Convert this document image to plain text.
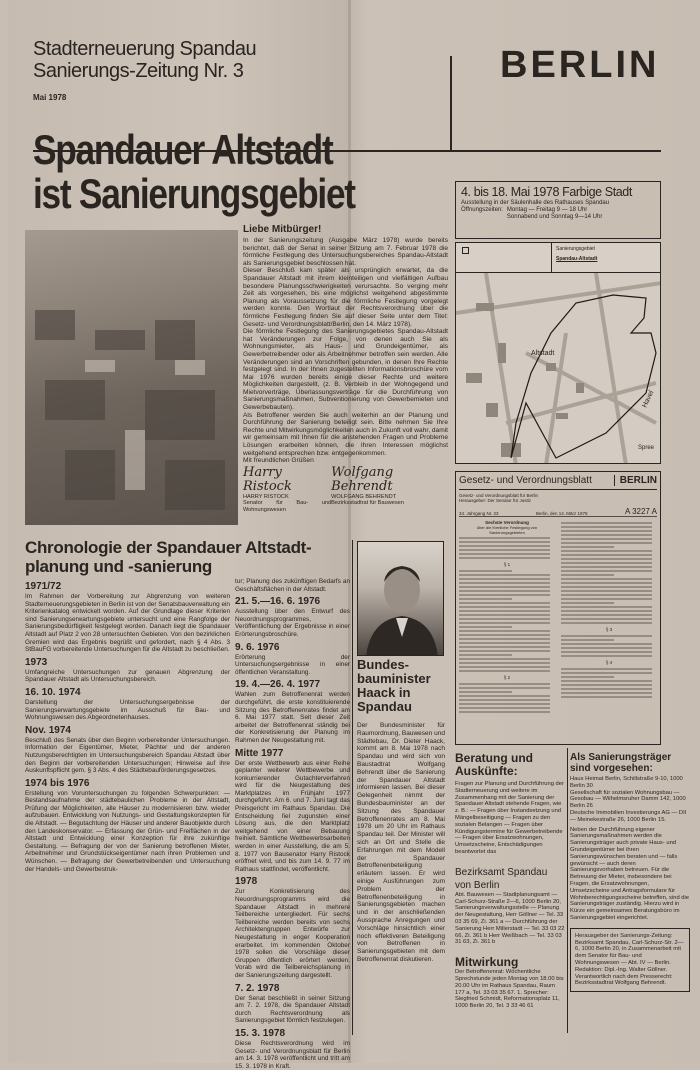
Stadterneuerung Spandau
Sanierungs-Zeitung Nr. 3
Mai 1978
BERLIN
Spandauer Altstadt
ist Sanierungsgebiet	4. bis 18. Mai 1978 Farbige Stadt
Ausstellung in der Säulenhalle des Rathauses Spandau
Öffnungszeiten: Montag — Freitag 9 — 18 Uhr
Sonnabend und Sonntag 9—14 Uhr
Sanierungsgebiet
Spandau-Altstadt
Altstadt
Havel
Spree
Liebe Mitbürger!

In der Sanierungszeitung (Ausgabe März 1978) wurde bereits berichtet, daß der Senat in seiner Sitzung am 7. Februar 1978 die förmliche Festlegung des Untersuchungsbereiches Spandau-Altstadt als Sanierungsgebiet beschlossen hat.

Dieser Beschluß kam später als ursprünglich erwartet, da die Spandauer Altstadt mit ihrem kleinteiligen und vielfältigen Aufbau besondere Planungsschwierigkeiten verursachte. So verging mehr Zeit als vorgesehen, bis eine möglichst weitgehend abgestimmte Planung als Voraussetzung für die förmliche Festlegung vorgelegt werden konnte. Den Wortlaut der Rechtsverordnung über die förmliche Festlegung finden Sie auf dieser Seite unter dem Titel: Gesetz- und Verordnungsblatt/Berlin, den 14. März 1978).

Die förmliche Festlegung des Sanierungsgebietes Spandau-Altstadt hat Veränderungen zur Folge, von denen auch Sie als Wohnungsmieter, als Haus- und Grundeigentümer, als Gewerbetreibender oder als Arbeitnehmer betroffen sein werden. Alle Veränderungen sind an Vorschriften gebunden, in denen Ihre Rechte festgelegt sind. In der Ihnen zugestellten Informationsbroschüre vom Mai 1976 wurden bereits einige dieser Rechte und weitere Möglichkeiten dargestellt, (z. B. Verbleib in der Wohngegend und Mietvorverträge, Überlassungsverträge für die Durchführung von Sanierungsmaßnahmen, Subventionierung von Gewerbemieten und Gewerbebauten).

Als Betroffener werden Sie auch weiterhin an der Planung und Durchführung der Sanierung beteiligt sein. Bitte nehmen Sie Ihre Rechte und Mitwirkungsmöglichkeiten auch in Zukunft voll wahr, damit wir gemeinsam mit Ihnen für die anstehenden Fragen und Probleme Lösungen erarbeiten können, die Ihren Interessen möglichst weitgehend entsprechen bzw. entgegenkommen.

Mit freundlichen Grüßen

Harry Ristock
HARRY RISTOCK
Senator für Bau- und Wohnungswesen
Wolfgang Behrendt
WOLFGANG BEHRENDT
Bezirksstadtrat für Bauwesen
Chronologie der Spandauer Altstadt-
planung und -sanierung
1971/72

Im Rahmen der Vorbereitung zur Abgrenzung von weiteren Stadterneuerungsgebieten in Berlin ist von der Senatsbauverwaltung ein Kriterienkatalog entwickelt worden. Auf der Grundlage dieser Kriterien sind Sanierungserwartungsgebiete untersucht und eine Rangfolge der Sanierungsbedürftigkeit festgelegt worden. Danach liegt die Spandauer Altstadt auf Platz 2 von 28 untersuchten Gebieten. Von den bezirklichen Gremien wird das Ergebnis begrüßt und gefordert, nach § 4 Abs. 3 StBauFG vorbereitende Untersuchungen für die Altstadt zu beschließen.

1973

Umfangreiche Untersuchungen zur genauen Abgrenzung der Spandauer Altstadt als Untersuchungsbereich.

16. 10. 1974

Darstellung der Untersuchungsergebnisse der Sanierungserwartungsgebiete im Ausschuß für Bau- und Wohnungswesen des Abgeordnetenhauses.

Nov. 1974

Beschluß des Senats über den Beginn vorbereitender Untersuchungen. Information der Eigentümer, Mieter, Pächter und der anderen Nutzungsberechtigten im Untersuchungsbereich Spandau Altstadt über den Beginn der vorbereitenden Untersuchungen; Hinweise auf ihre Auskunftspflicht gem. § 3 Abs. 4 des Städtebauförderungsgesetzes.

1974 bis 1976

Erstellung von Voruntersuchungen zu folgenden Schwerpunkten: — Bestandsaufnahme der städtebaulichen Probleme in der Altstadt, Prüfung der Möglichkeiten, alle Häuser zu modernisieren bzw. wieder aufzubauen. Entwicklung von Nutzungs- und Gestaltungskonzepten für die Altstadt. — Begutachtung der Häuser und anderer Bauobjekte durch den Landeskonservator. — Erfassung der Grün- und Freiflächen in der Altstadt und Entwicklung einer Konzeption für ihre zukünftige Gestaltung. — Befragung der von der Sanierung betroffenen Mieter, Arbeitnehmer und Grundstückseigentümer nach ihren Problemen und Wünschen. — Befragung der Gewerbetreibenden und Untersuchung der Handels- und Gewerbestruk-

tur; Planung des zukünftigen Bedarfs an Geschäftsflächen in der Altstadt.

21. 5.—16. 6. 1976

Ausstellung über den Entwurf des Neuordnungsprogrammes, Veröffentlichung der Ergebnisse in einer Erörterungsbroschüre.

9. 6. 1976

Erörterung der Untersuchungsergebnisse in einer öffentlichen Veranstaltung.

19. 4.—26. 4. 1977

Wahlen zum Betroffenenrat werden durchgeführt, die erste konstituierende Sitzung des Betroffenenrates findet am 6. Mai 1977 statt. Seit dieser Zeit arbeitet der Betroffenenrat ständig bei der Konkretisierung der Planung im Rahmen der Neugestaltung mit.

Mitte 1977

Der erste Wettbewerb aus einer Reihe geplanter weiterer Wettbewerbe und konkurrierender Gutachterverfahren wird für die Neugestaltung des Marktplatzes im Frühjahr 1977 durchgeführt. Am 6. und 7. Juni tagt das Preisgericht im Rathaus Spandau. Die Entscheidung fiel zugunsten einer Lösung aus, die den Marktplatz weitgehend von einer Bebauung freihielt. Sämtliche Wettbewerbsarbeiten werden in einer Ausstellung, die am 5. 8. 1977 von Bausenator Harry Ristock eröffnet wird, und bis zum 14. 9. 77 im Rathaus stattfindet, veröffentlicht.

1978

Zur Konkretisierung des Neuordnungsprogramms wird die Spandauer Altstadt in mehrere Teilbereiche untergliedert. Für sechs Teilbereiche werden bereits von sechs Architektengruppen Entwürfe zur Neugestaltung in enger Kooperation erarbeitet. Im kommenden Oktober 1978 sollen die Vorschläge dieser Gruppen öffentlich erörtert werden. Vorab wird die Teilbereichsplanung in der Sanierungszeitung dargestellt.

7. 2. 1978

Der Senat beschließt in seiner Sitzung am 7. 2. 1978, die Spandauer Altstadt durch Rechtsverordnung als Sanierungsgebiet förmlich festzulegen.

15. 3. 1978

Diese Rechtsverordnung wird im Gesetz- und Verordnungsblatt für Berlin am 14. 3. 1978 veröffentlicht und tritt am 15. 3. 1978 in Kraft.

Bundes-bauminister Haack in Spandau
Der Bundesminister für Raumordnung, Bauwesen und Städtebau, Dr. Dieter Haack, kommt am 8. Mai 1978 nach Spandau und wird sich von Baustadtrat Wolfgang Behrendt über die Sanierung der Spandauer Altstadt informieren lassen. Bei dieser Gelegenheit nimmt der Bundesbauminister an der Sitzung des Spandauer Betroffenenrates am 8. Mai 1978 um 20 Uhr im Rathaus Spandau teil. Der Minister will sich an Ort und Stelle die Erfahrungen mit dem Modell der Spandauer Betroffenenbeteiligung erläutern lassen. Er wird einige Ausführungen zum Problem der Betroffenenbeteiligung in Sanierungsgebieten machen und in der anschließenden Aussprache Anregungen und Vorschläge hinsichtlich einer noch effektiveren Beteiligung von Betroffenen in Sanierungsgebieten mit dem Betroffenenrat diskutieren.
Gesetz- und Verordnungsblatt	BERLIN
Gesetz- und Verordnungsblatt für Berlin
Herausgeber: Der Senator für Justiz
34. Jahrgang Nr. 23	Berlin, den 14. März 1978	A 3227 A
Sechste Verordnung
über die förmliche Festlegung von Sanierungsgebieten
§ 1
§ 2
§ 3
§ 4
Beratung und Auskünfte:

Fragen zur Planung und Durchführung der Stadterneuerung und weitere im Zusammenhang mit der Sanierung der Spandauer Altstadt stehende Fragen, wie z. B.: — Fragen über Instandsetzung und Mängelbeseitigung — Fragen zu den sozialen Belangen — Fragen über Kündigungstermine für Gewerbetreibende — Fragen über Ersatzwohnungen, Umsetzscheine, Entschädigungen beantwortet das

Bezirksamt Spandau von Berlin

Abt. Bauwesen — Stadtplanungsamt — Carl-Schurz-Straße 2—6, 1000 Berlin 20, Sanierungsverwaltungsstelle — Planung der Neugestaltung, Herr Göllner — Tel. 33 03 35 69, Zi. 361 a — Durchführung der Sanierung Herr Millerstadt — Tel. 33 03 22 66, Zi. 361 b Herr Weißbach — Tel. 33 03 31 63, Zi. 361 b

Mitwirkung

Der Betroffenenrat: Wöchentliche Sprechstunde jeden Montag von 18.00 bis 20.00 Uhr im Rathaus Spandau, Raum 177 a, Tel. 33 03 35 67. 1. Sprecher: Siegfried Schmidt, Reformationsplatz 11, 1000 Berlin 20, Tel. 3 33 46 61

Als Sanierungsträger sind vorgesehen:

Haus Heimat Berlin, Schillstraße 9-10, 1000 Berlin 30

Gesellschaft für sozialen Wohnungsbau — Gesobau — Wilhelmsruher Damm 142, 1000 Berlin 26

Deutsche Immobilien Investierungs AG — DII — Meinekestraße 26, 1000 Berlin 15.

Neben der Durchführung eigener Sanierungsmaßnahmen werden die Sanierungsträger auch private Haus- und Grundeigentümer bei ihren Sanierungswünschen beraten und — falls gewünscht — auch deren Sanierungsvorhaben betreuen. Für die Betreuung der Mieter, insbesondere bei Fragen, die Ersatzwohnungen, Umsetzscheine und Antragsformulare für Wohnberechtigungsscheine betreffen, sind die Sanierungsträger zuständig. Hierzu wird in Kürze ein gemeinsames Beratungsbüro im Sanierungsgebiet eingerichtet.

Herausgeber der Sanierungs-Zeitung: Bezirksamt Spandau, Carl-Schurz-Str. 2—6, 1000 Berlin 20, in Zusammenarbeit mit dem Senator für Bau- und Wohnungswesen — Abt. IV — Berlin. Redaktion: Dipl.-Ing. Walter Göllner. Verantwortlich nach dem Presserecht: Bezirksstadtrat Wolfgang Behrendt.
